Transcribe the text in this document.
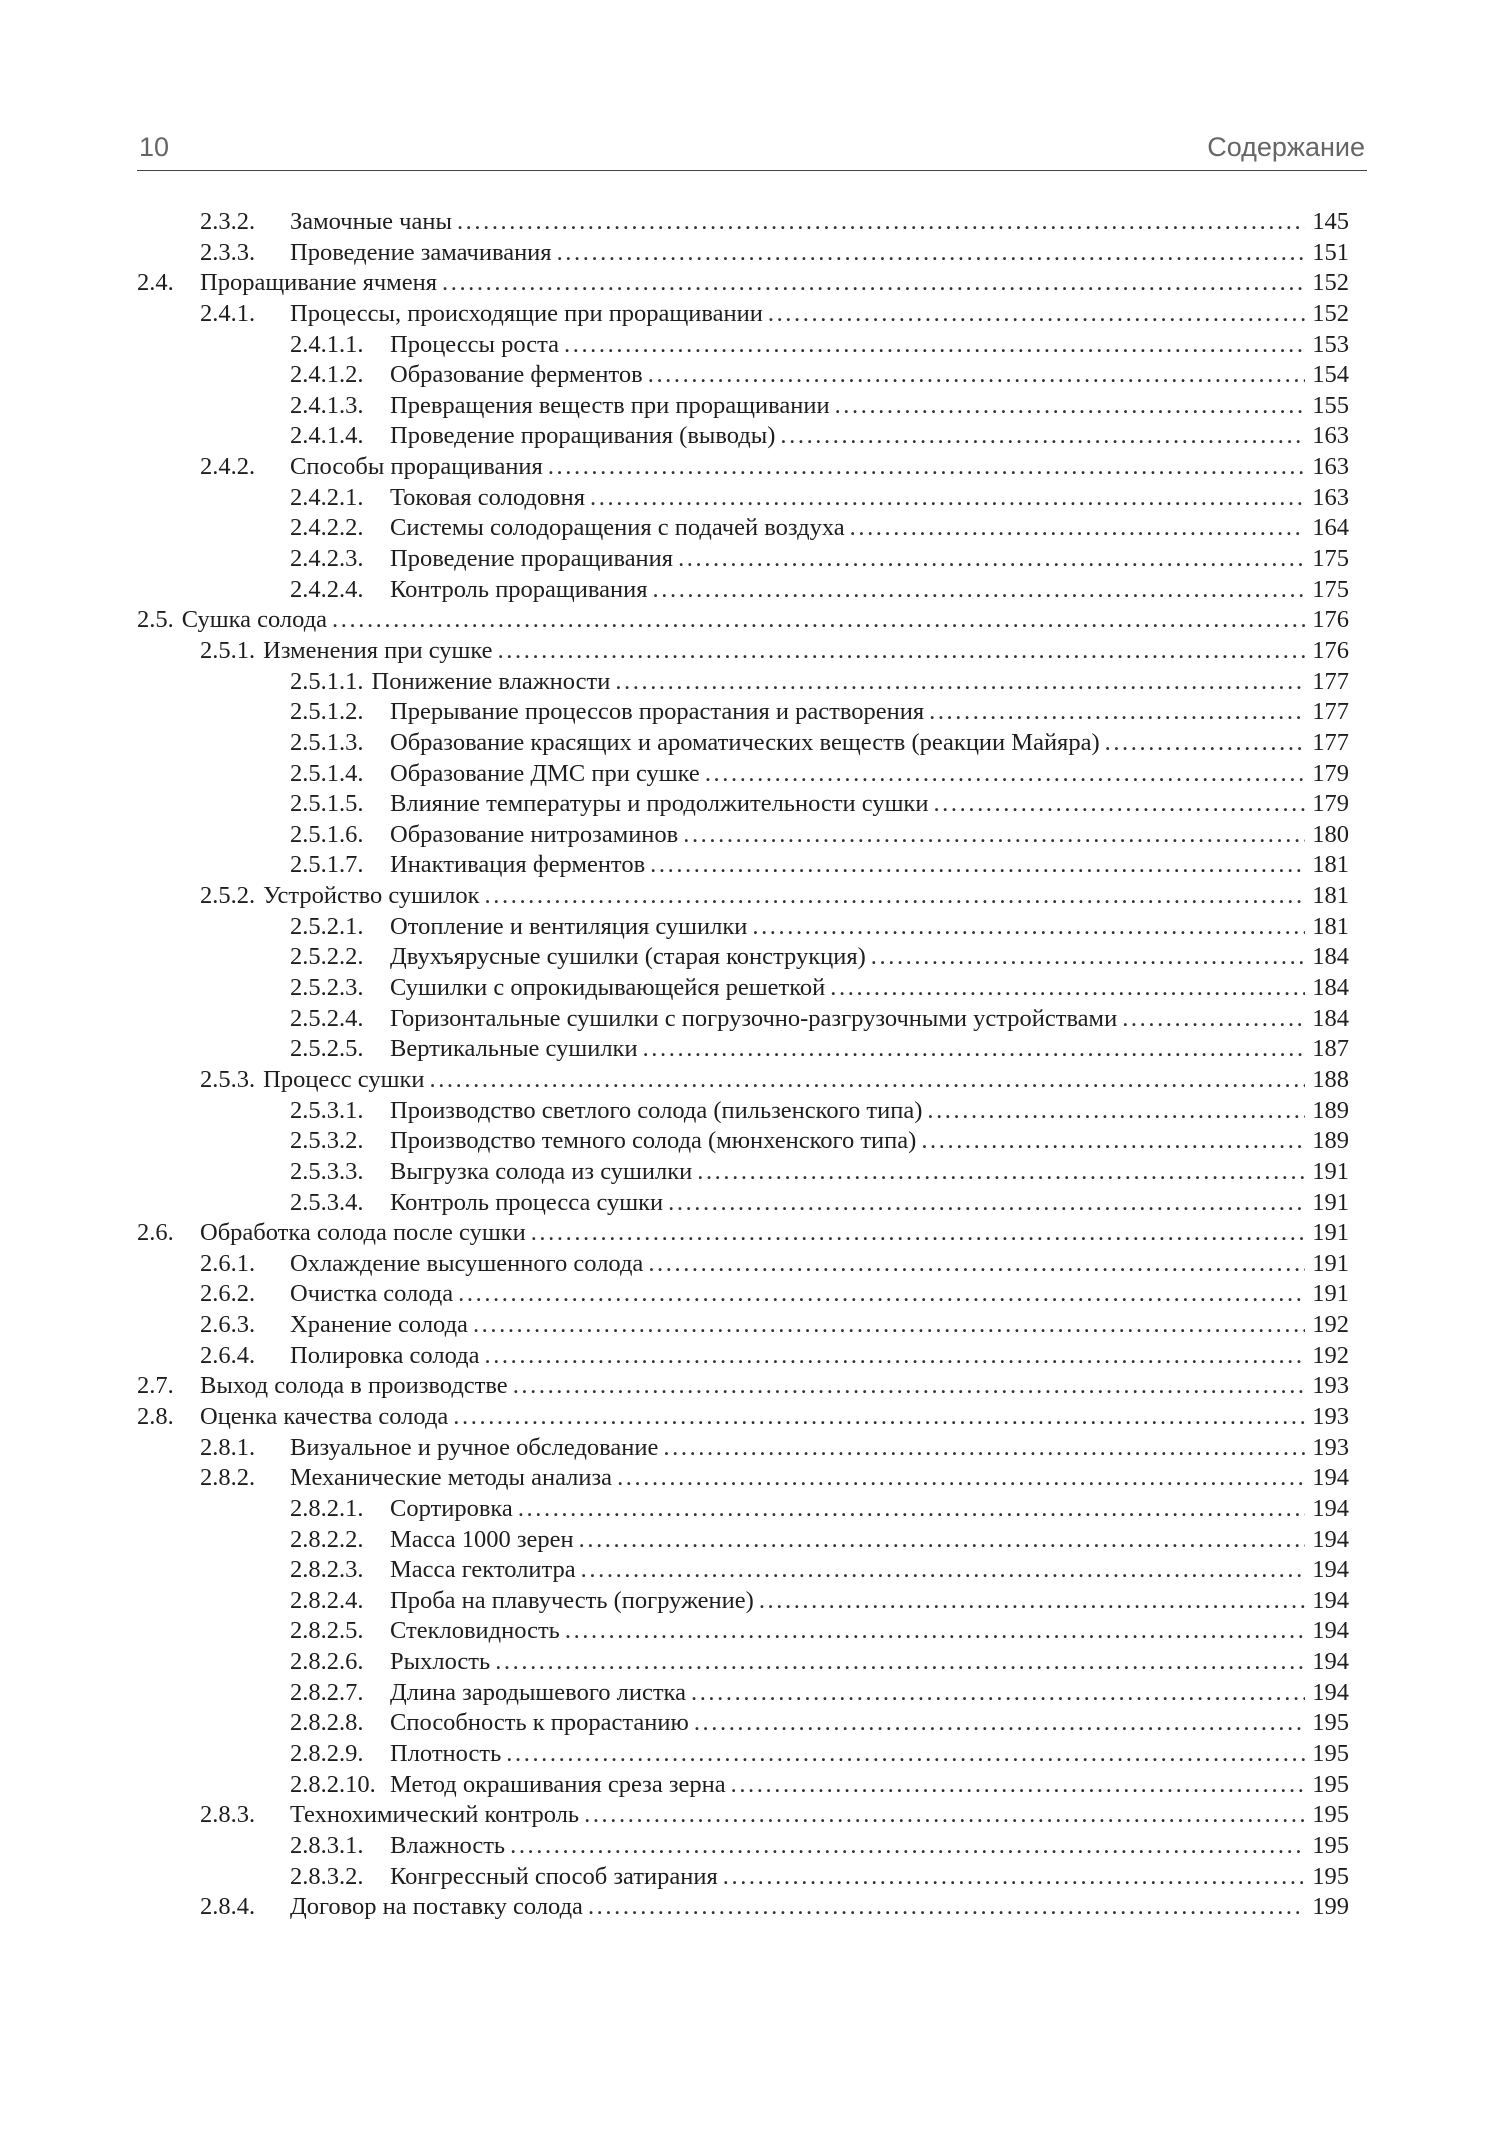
10	Содержание
2.3.2. Замочные чаны .....	145
2.3.3. Проведение замачивания .....	151
2.4. Проращивание ячменя .....	152
2.4.1. Процессы, происходящие при проращивании .....	152
2.4.1.1. Процессы роста .....	153
2.4.1.2. Образование ферментов .....	154
2.4.1.3. Превращения веществ при проращивании .....	155
2.4.1.4. Проведение проращивания (выводы) .....	163
2.4.2. Способы проращивания .....	163
2.4.2.1. Токовая солодовня .....	163
2.4.2.2. Системы солодоращения с подачей воздуха .....	164
2.4.2.3. Проведение проращивания .....	175
2.4.2.4. Контроль проращивания .....	175
2.5. Сушка солода .....	176
2.5.1. Изменения при сушке .....	176
2.5.1.1. Понижение влажности .....	177
2.5.1.2. Прерывание процессов прорастания и растворения .....	177
2.5.1.3. Образование красящих и ароматических веществ (реакции Майяра) .....	177
2.5.1.4. Образование ДМС при сушке .....	179
2.5.1.5. Влияние температуры и продолжительности сушки .....	179
2.5.1.6. Образование нитрозаминов .....	180
2.5.1.7. Инактивация ферментов .....	181
2.5.2. Устройство сушилок .....	181
2.5.2.1. Отопление и вентиляция сушилки .....	181
2.5.2.2. Двухъярусные сушилки (старая конструкция) .....	184
2.5.2.3. Сушилки с опрокидывающейся решеткой .....	184
2.5.2.4. Горизонтальные сушилки с погрузочно-разгрузочными устройствами .....	184
2.5.2.5. Вертикальные сушилки .....	187
2.5.3. Процесс сушки .....	188
2.5.3.1. Производство светлого солода (пильзенского типа) .....	189
2.5.3.2. Производство темного солода (мюнхенского типа) .....	189
2.5.3.3. Выгрузка солода из сушилки .....	191
2.5.3.4. Контроль процесса сушки .....	191
2.6. Обработка солода после сушки .....	191
2.6.1. Охлаждение высушенного солода .....	191
2.6.2. Очистка солода .....	191
2.6.3. Хранение солода .....	192
2.6.4. Полировка солода .....	192
2.7. Выход солода в производстве .....	193
2.8. Оценка качества солода .....	193
2.8.1. Визуальное и ручное обследование .....	193
2.8.2. Механические методы анализа .....	194
2.8.2.1. Сортировка .....	194
2.8.2.2. Масса 1000 зерен .....	194
2.8.2.3. Масса гектолитра .....	194
2.8.2.4. Проба на плавучесть (погружение) .....	194
2.8.2.5. Стекловидность .....	194
2.8.2.6. Рыхлость .....	194
2.8.2.7. Длина зародышевого листка .....	194
2.8.2.8. Способность к прорастанию .....	195
2.8.2.9. Плотность .....	195
2.8.2.10. Метод окрашивания среза зерна .....	195
2.8.3. Технохимический контроль .....	195
2.8.3.1. Влажность .....	195
2.8.3.2. Конгрессный способ затирания .....	195
2.8.4. Договор на поставку солода .....	199
